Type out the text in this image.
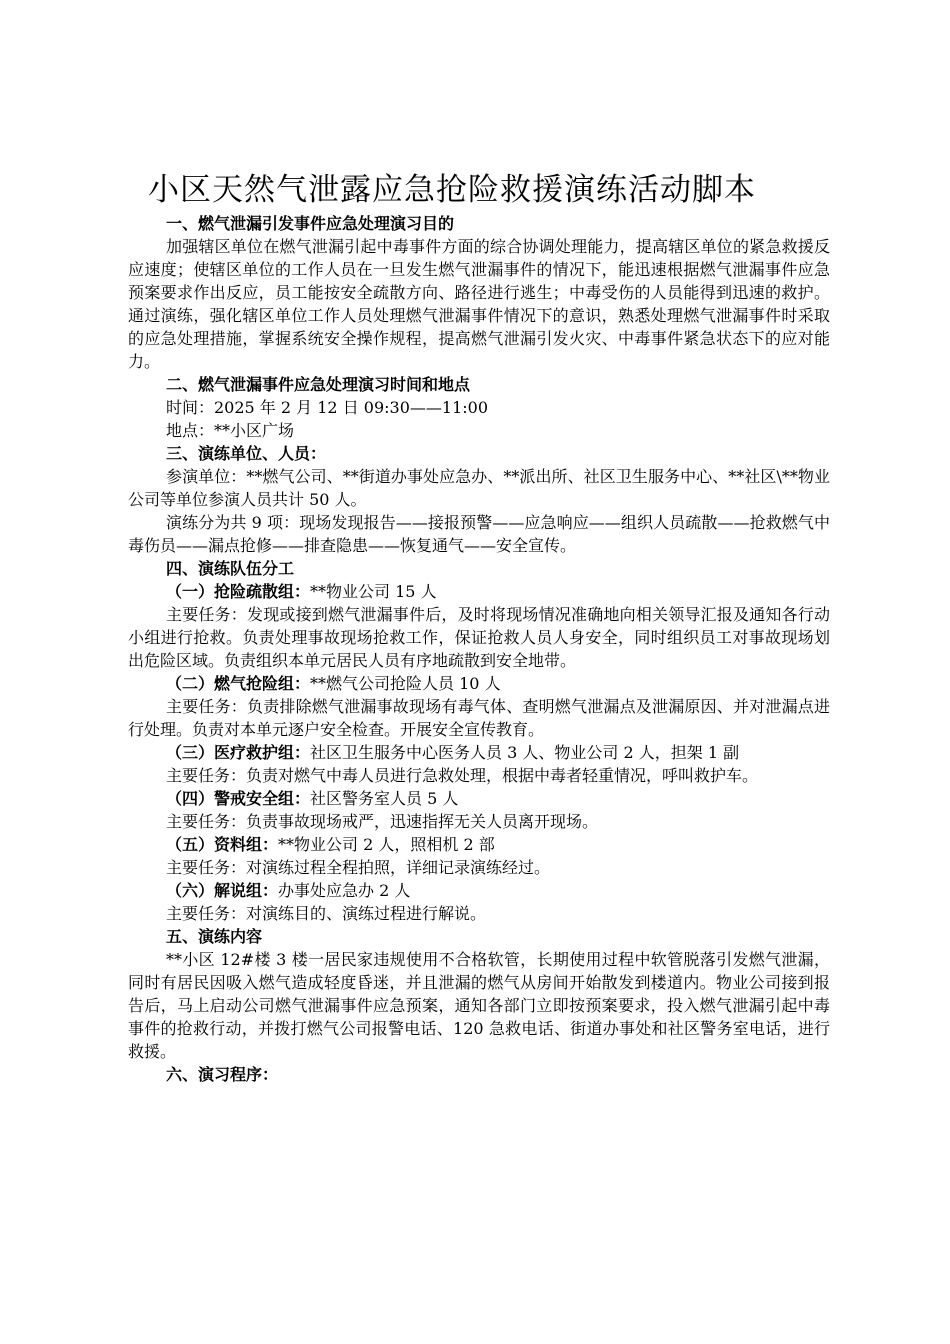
小区天然气泄露应急抢险救援演练活动脚本
一、燃气泄漏引发事件应急处理演习目的

加强辖区单位在燃气泄漏引起中毒事件方面的综合协调处理能力，提高辖区单位的紧急救援反应速度；使辖区单位的工作人员在一旦发生燃气泄漏事件的情况下，能迅速根据燃气泄漏事件应急预案要求作出反应，员工能按安全疏散方向、路径进行逃生；中毒受伤的人员能得到迅速的救护。通过演练，强化辖区单位工作人员处理燃气泄漏事件情况下的意识，熟悉处理燃气泄漏事件时采取的应急处理措施，掌握系统安全操作规程，提高燃气泄漏引发火灾、中毒事件紧急状态下的应对能力。

二、燃气泄漏事件应急处理演习时间和地点
时间：2025 年 2 月 12 日 09:30——11:00
地点：**小区广场
三、演练单位、人员：

参演单位：**燃气公司、**街道办事处应急办、**派出所、社区卫生服务中心、**社区\**物业公司等单位参演人员共计 50 人。

演练分为共 9 项：现场发现报告——接报预警——应急响应——组织人员疏散——抢救燃气中毒伤员——漏点抢修——排查隐患——恢复通气——安全宣传。

四、演练队伍分工
（一）抢险疏散组：**物业公司 15 人

主要任务：发现或接到燃气泄漏事件后，及时将现场情况准确地向相关领导汇报及通知各行动小组进行抢救。负责处理事故现场抢救工作，保证抢救人员人身安全，同时组织员工对事故现场划出危险区域。负责组织本单元居民人员有序地疏散到安全地带。

（二）燃气抢险组：**燃气公司抢险人员 10 人

主要任务：负责排除燃气泄漏事故现场有毒气体、查明燃气泄漏点及泄漏原因、并对泄漏点进行处理。负责对本单元逐户安全检查。开展安全宣传教育。

（三）医疗救护组：社区卫生服务中心医务人员 3 人、物业公司 2 人，担架 1 副

主要任务：负责对燃气中毒人员进行急救处理，根据中毒者轻重情况，呼叫救护车。

（四）警戒安全组：社区警务室人员 5 人

主要任务：负责事故现场戒严，迅速指挥无关人员离开现场。

（五）资料组：**物业公司 2 人，照相机 2 部

主要任务：对演练过程全程拍照，详细记录演练经过。

（六）解说组：办事处应急办 2 人

主要任务：对演练目的、演练过程进行解说。

五、演练内容

**小区 12#楼 3 楼一居民家违规使用不合格软管，长期使用过程中软管脱落引发燃气泄漏，同时有居民因吸入燃气造成轻度昏迷，并且泄漏的燃气从房间开始散发到楼道内。物业公司接到报告后，马上启动公司燃气泄漏事件应急预案，通知各部门立即按预案要求，投入燃气泄漏引起中毒事件的抢救行动，并拨打燃气公司报警电话、120 急救电话、街道办事处和社区警务室电话，进行救援。

六、演习程序：
